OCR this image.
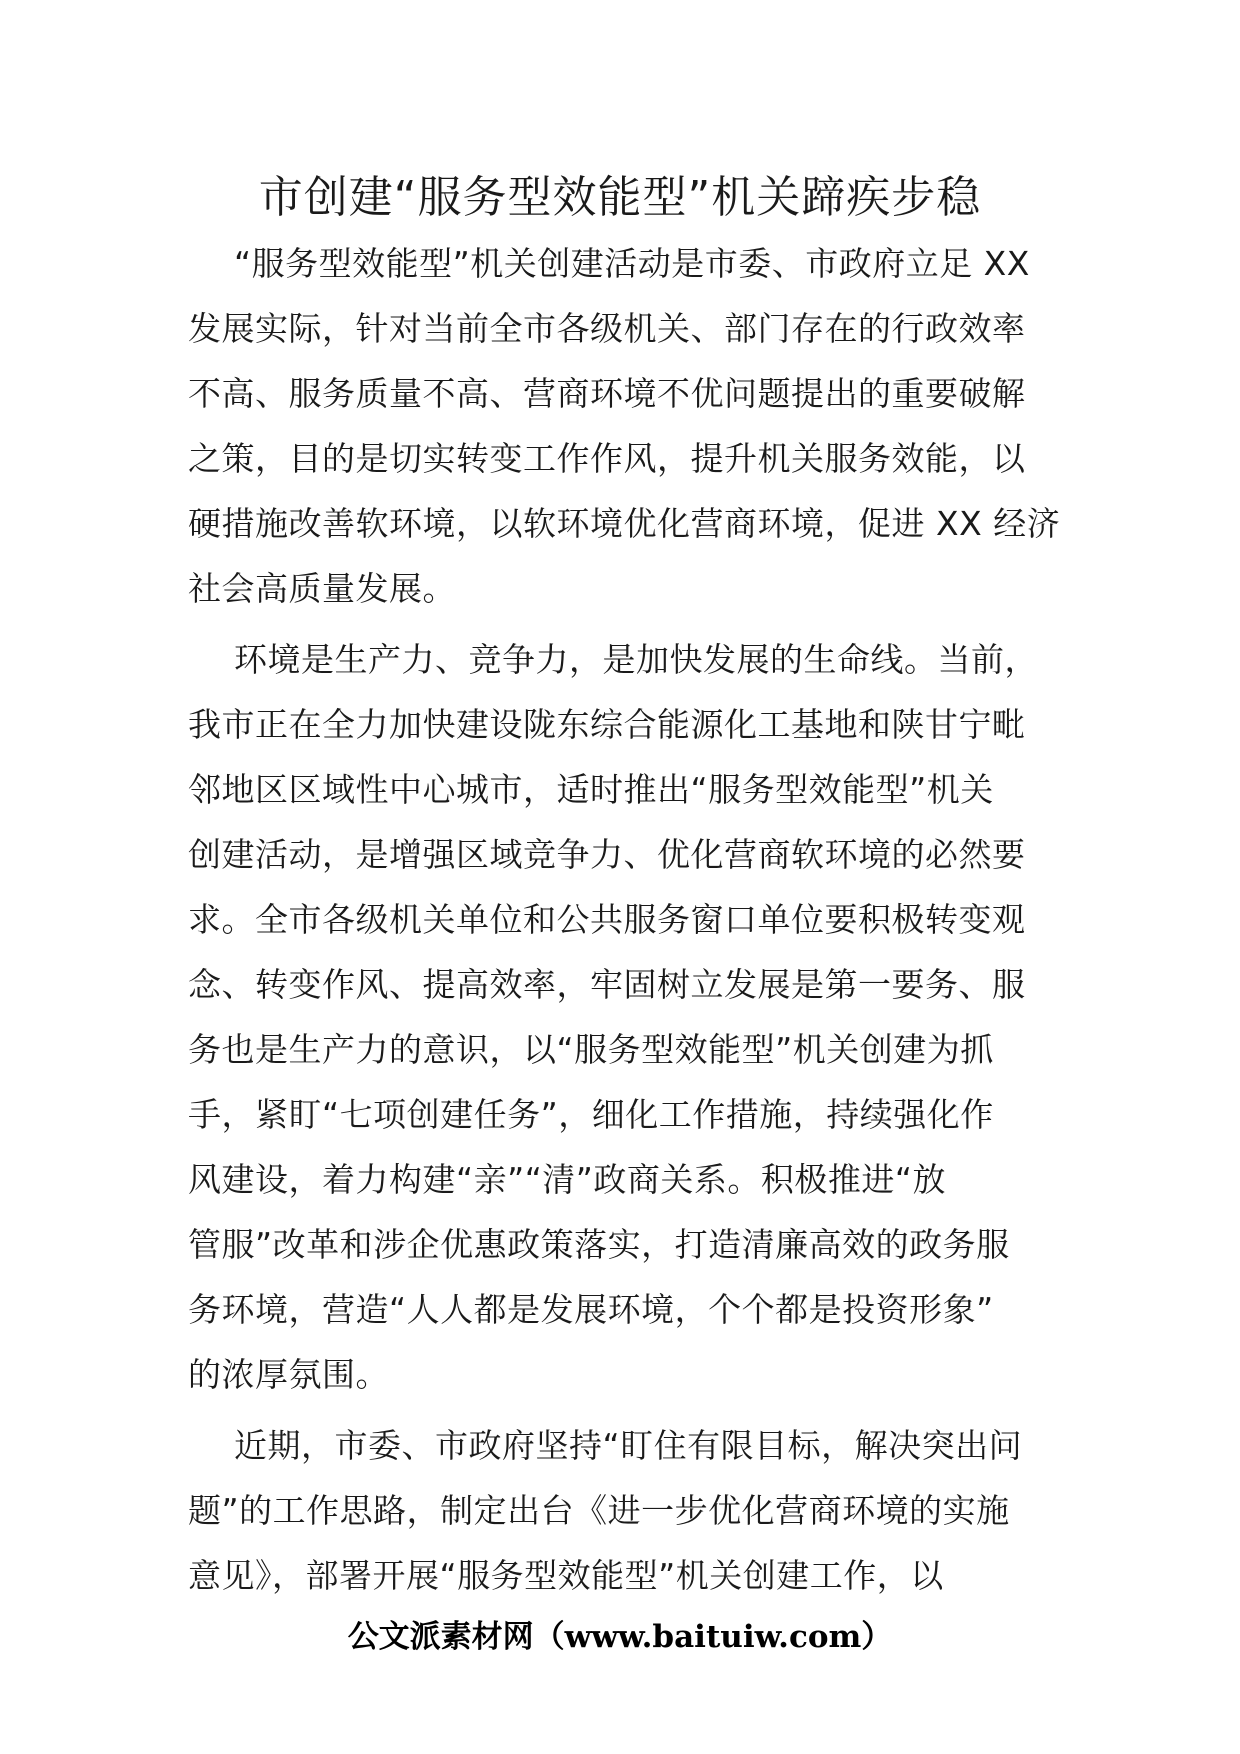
市创建“服务型效能型”机关蹄疾步稳

“服务型效能型”机关创建活动是市委、市政府立足 XX
发展实际，针对当前全市各级机关、部门存在的行政效率
不高、服务质量不高、营商环境不优问题提出的重要破解
之策，目的是切实转变工作作风，提升机关服务效能，以
硬措施改善软环境，以软环境优化营商环境，促进 XX 经济
社会高质量发展。

环境是生产力、竞争力，是加快发展的生命线。当前，
我市正在全力加快建设陇东综合能源化工基地和陕甘宁毗
邻地区区域性中心城市，适时推出“服务型效能型”机关
创建活动，是增强区域竞争力、优化营商软环境的必然要
求。全市各级机关单位和公共服务窗口单位要积极转变观
念、转变作风、提高效率，牢固树立发展是第一要务、服
务也是生产力的意识，以“服务型效能型”机关创建为抓
手，紧盯“七项创建任务”，细化工作措施，持续强化作
风建设，着力构建“亲”“清”政商关系。积极推进“放
管服”改革和涉企优惠政策落实，打造清廉高效的政务服
务环境，营造“人人都是发展环境，个个都是投资形象”
的浓厚氛围。

近期，市委、市政府坚持“盯住有限目标，解决突出问
题”的工作思路，制定出台《进一步优化营商环境的实施
意见》，部署开展“服务型效能型”机关创建工作，以

公文派素材网（www.baituiw.com）
